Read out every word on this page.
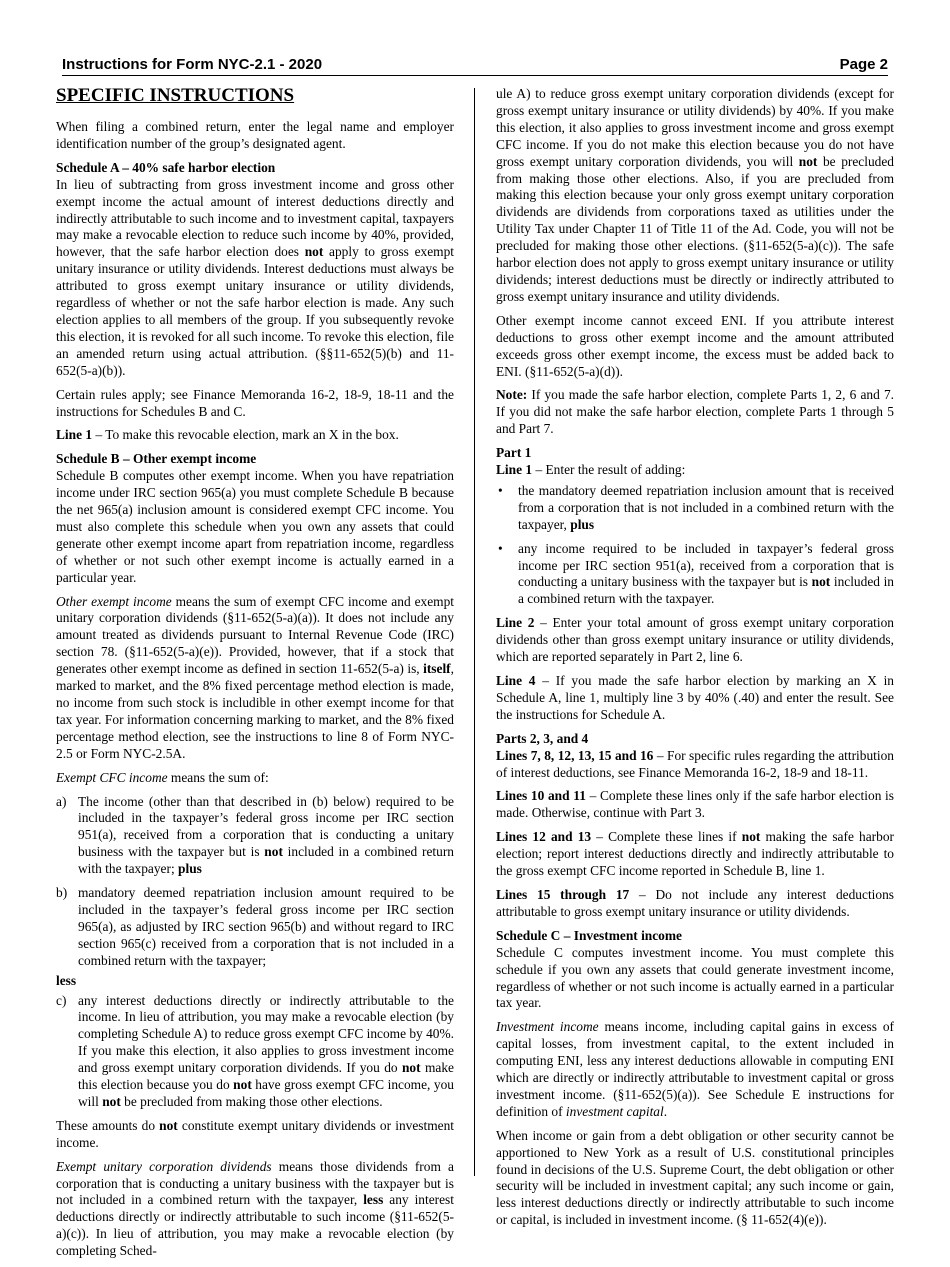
Instructions for Form NYC-2.1 - 2020	Page 2
SPECIFIC INSTRUCTIONS

When filing a combined return, enter the legal name and employer identification number of the group’s designated agent.

Schedule A – 40% safe harbor election
In lieu of subtracting from gross investment income and gross other exempt income the actual amount of interest deductions directly and indirectly attributable to such income and to investment capital, taxpayers may make a revocable election to reduce such income by 40%, provided, however, that the safe harbor election does not apply to gross exempt unitary insurance or utility dividends. Interest deductions must always be attributed to gross exempt unitary insurance or utility dividends, regardless of whether or not the safe harbor election is made. Any such election applies to all members of the group. If you subsequently revoke this election, it is revoked for all such income. To revoke this election, file an amended return using actual attribution. (§§11-652(5)(b) and 11-652(5-a)(b)).

Certain rules apply; see Finance Memoranda 16-2, 18-9, 18-11 and the instructions for Schedules B and C.

Line 1 – To make this revocable election, mark an X in the box.

Schedule B – Other exempt income
Schedule B computes other exempt income. When you have repatriation income under IRC section 965(a) you must complete Schedule B because the net 965(a) inclusion amount is considered exempt CFC income. You must also complete this schedule when you own any assets that could generate other exempt income apart from repatriation income, regardless of whether or not such other exempt income is actually earned in a particular year.

Other exempt income means the sum of exempt CFC income and exempt unitary corporation dividends (§11-652(5-a)(a)). It does not include any amount treated as dividends pursuant to Internal Revenue Code (IRC) section 78. (§11-652(5-a)(e)). Provided, however, that if a stock that generates other exempt income as defined in section 11-652(5-a) is, itself, marked to market, and the 8% fixed percentage method election is made, no income from such stock is includible in other exempt income for that tax year. For information concerning marking to market, and the 8% fixed percentage method election, see the instructions to line 8 of Form NYC-2.5 or Form NYC-2.5A.

Exempt CFC income means the sum of:

a) The income (other than that described in (b) below) required to be included in the taxpayer’s federal gross income per IRC section 951(a), received from a corporation that is conducting a unitary business with the taxpayer but is not included in a combined return with the taxpayer; plus
b) mandatory deemed repatriation inclusion amount required to be included in the taxpayer’s federal gross income per IRC section 965(a), as adjusted by IRC section 965(b) and without regard to IRC section 965(c) received from a corporation that is not included in a combined return with the taxpayer;
less
c) any interest deductions directly or indirectly attributable to the income. In lieu of attribution, you may make a revocable election (by completing Schedule A) to reduce gross exempt CFC income by 40%. If you make this election, it also applies to gross investment income and gross exempt unitary corporation dividends. If you do not make this election because you do not have gross exempt CFC income, you will not be precluded from making those other elections.

These amounts do not constitute exempt unitary dividends or investment income.

Exempt unitary corporation dividends means those dividends from a corporation that is conducting a unitary business with the taxpayer but is not included in a combined return with the taxpayer, less any interest deductions directly or indirectly attributable to such income (§11-652(5-a)(c)). In lieu of attribution, you may make a revocable election (by completing Sched-

ule A) to reduce gross exempt unitary corporation dividends (except for gross exempt unitary insurance or utility dividends) by 40%. If you make this election, it also applies to gross investment income and gross exempt CFC income. If you do not make this election because you do not have gross exempt unitary corporation dividends, you will not be precluded from making those other elections. Also, if you are precluded from making this election because your only gross exempt unitary corporation dividends are dividends from corporations taxed as utilities under the Utility Tax under Chapter 11 of Title 11 of the Ad. Code, you will not be precluded for making those other elections. (§11-652(5-a)(c)). The safe harbor election does not apply to gross exempt unitary insurance or utility dividends; interest deductions must be directly or indirectly attributed to gross exempt unitary insurance and utility dividends.

Other exempt income cannot exceed ENI. If you attribute interest deductions to gross other exempt income and the amount attributed exceeds gross other exempt income, the excess must be added back to ENI. (§11-652(5-a)(d)).

Note: If you made the safe harbor election, complete Parts 1, 2, 6 and 7. If you did not make the safe harbor election, complete Parts 1 through 5 and Part 7.

Part 1
Line 1 – Enter the result of adding:

• the mandatory deemed repatriation inclusion amount that is received from a corporation that is not included in a combined return with the taxpayer, plus
• any income required to be included in taxpayer’s federal gross income per IRC section 951(a), received from a corporation that is conducting a unitary business with the taxpayer but is not included in a combined return with the taxpayer.

Line 2 – Enter your total amount of gross exempt unitary corporation dividends other than gross exempt unitary insurance or utility dividends, which are reported separately in Part 2, line 6.

Line 4 – If you made the safe harbor election by marking an X in Schedule A, line 1, multiply line 3 by 40% (.40) and enter the result. See the instructions for Schedule A.

Parts 2, 3, and 4
Lines 7, 8, 12, 13, 15 and 16 – For specific rules regarding the attribution of interest deductions, see Finance Memoranda 16-2, 18-9 and 18-11.

Lines 10 and 11 – Complete these lines only if the safe harbor election is made. Otherwise, continue with Part 3.

Lines 12 and 13 – Complete these lines if not making the safe harbor election; report interest deductions directly and indirectly attributable to the gross exempt CFC income reported in Schedule B, line 1.

Lines 15 through 17 – Do not include any interest deductions attributable to gross exempt unitary insurance or utility dividends.

Schedule C – Investment income
Schedule C computes investment income. You must complete this schedule if you own any assets that could generate investment income, regardless of whether or not such income is actually earned in a particular tax year.

Investment income means income, including capital gains in excess of capital losses, from investment capital, to the extent included in computing ENI, less any interest deductions allowable in computing ENI which are directly or indirectly attributable to investment capital or gross investment income. (§11-652(5)(a)). See Schedule E instructions for definition of investment capital.

When income or gain from a debt obligation or other security cannot be apportioned to New York as a result of U.S. constitutional principles found in decisions of the U.S. Supreme Court, the debt obligation or other security will be included in investment capital; any such income or gain, less interest deductions directly or indirectly attributable to such income or capital, is included in investment income. (§ 11-652(4)(e)).
